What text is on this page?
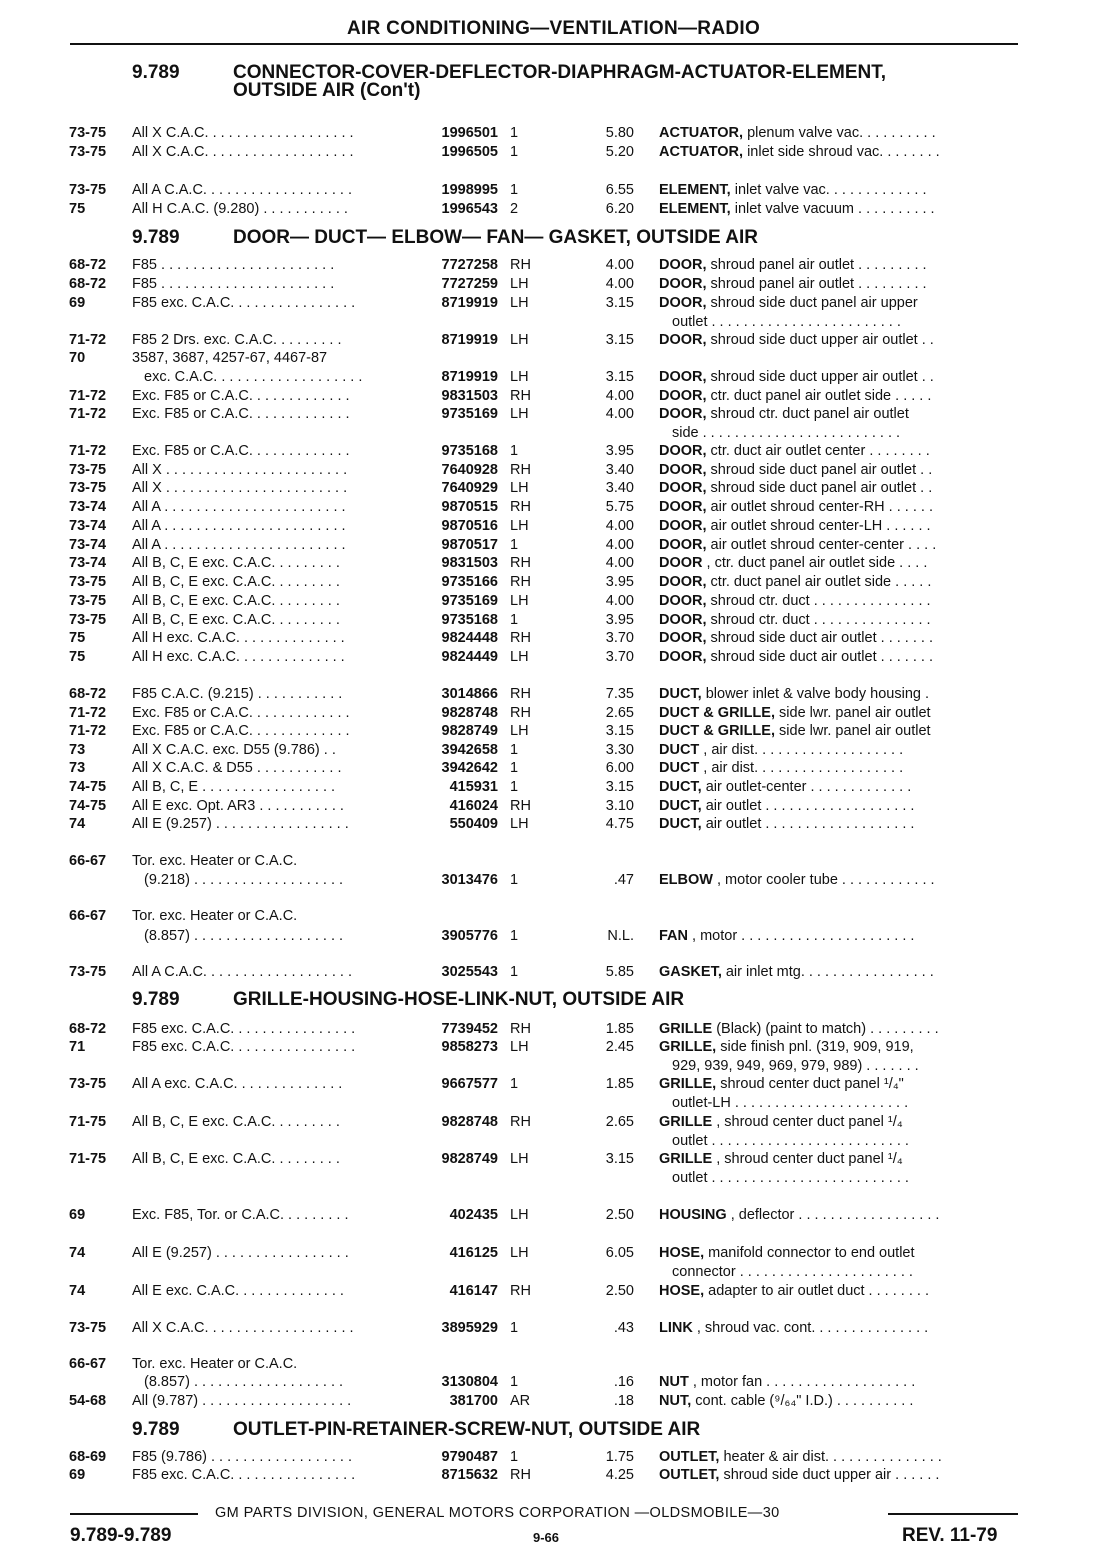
AIR CONDITIONING—VENTILATION—RADIO
9.789	CONNECTOR-COVER-DEFLECTOR-DIAPHRAGM-ACTUATOR-ELEMENT,
OUTSIDE AIR (Con't)
9.789	DOOR— DUCT— ELBOW— FAN— GASKET, OUTSIDE AIR
9.789	GRILLE-HOUSING-HOSE-LINK-NUT, OUTSIDE AIR
9.789	OUTLET-PIN-RETAINER-SCREW-NUT, OUTSIDE AIR
73-75 All X C.A.C. . . . . . . . . . . . . . . . . . .	1996501 1	5.80 ACTUATOR, plenum valve vac. . . . . . . . . .
73-75 All X C.A.C. . . . . . . . . . . . . . . . . . .	1996505 1	5.20 ACTUATOR, inlet side shroud vac. . . . . . . .
73-75 All A C.A.C. . . . . . . . . . . . . . . . . . .	1998995 1	6.55 ELEMENT, inlet valve vac. . . . . . . . . . . . .
75	All H C.A.C. (9.280) . . . . . . . . . . .	1996543 2	6.20 ELEMENT, inlet valve vacuum . . . . . . . . . .
68-72 F85 . . . . . . . . . . . . . . . . . . . . . .	7727258 RH	4.00 DOOR, shroud panel air outlet . . . . . . . . .
68-72 F85 . . . . . . . . . . . . . . . . . . . . . .	7727259 LH	4.00 DOOR, shroud panel air outlet . . . . . . . . .
69	F85 exc. C.A.C. . . . . . . . . . . . . . . .	8719919 LH	3.15 DOOR, shroud side duct panel air upper
outlet . . . . . . . . . . . . . . . . . . . . . . . .
71-72 F85 2 Drs. exc. C.A.C. . . . . . . . .	8719919 LH	3.15 DOOR, shroud side duct upper air outlet . .
70	3587, 3687, 4257-67, 4467-87
exc. C.A.C. . . . . . . . . . . . . . . . . . .	8719919 LH	3.15 DOOR, shroud side duct upper air outlet . .
71-72 Exc. F85 or C.A.C. . . . . . . . . . . . .	9831503 RH	4.00 DOOR, ctr. duct panel air outlet side . . . . .
71-72 Exc. F85 or C.A.C. . . . . . . . . . . . .	9735169 LH	4.00 DOOR, shroud ctr. duct panel air outlet
side . . . . . . . . . . . . . . . . . . . . . . . . .
71-72 Exc. F85 or C.A.C. . . . . . . . . . . . .	9735168 1	3.95 DOOR, ctr. duct air outlet center . . . . . . . .
73-75 All X . . . . . . . . . . . . . . . . . . . . . . .	7640928 RH	3.40 DOOR, shroud side duct panel air outlet . .
73-75 All X . . . . . . . . . . . . . . . . . . . . . . .	7640929 LH	3.40 DOOR, shroud side duct panel air outlet . .
73-74 All A . . . . . . . . . . . . . . . . . . . . . . .	9870515 RH	5.75 DOOR, air outlet shroud center-RH . . . . . .
73-74 All A . . . . . . . . . . . . . . . . . . . . . . .	9870516 LH	4.00 DOOR, air outlet shroud center-LH . . . . . .
73-74 All A . . . . . . . . . . . . . . . . . . . . . . .	9870517 1	4.00 DOOR, air outlet shroud center-center . . . .
73-74 All B, C, E exc. C.A.C. . . . . . . . .	9831503 RH	4.00 DOOR , ctr. duct panel air outlet side . . . .
73-75 All B, C, E exc. C.A.C. . . . . . . . .	9735166 RH	3.95 DOOR, ctr. duct panel air outlet side . . . . .
73-75 All B, C, E exc. C.A.C. . . . . . . . .	9735169 LH	4.00 DOOR, shroud ctr. duct . . . . . . . . . . . . . . .
73-75 All B, C, E exc. C.A.C. . . . . . . . .	9735168 1	3.95 DOOR, shroud ctr. duct . . . . . . . . . . . . . . .
75	All H exc. C.A.C. . . . . . . . . . . . . .	9824448 RH	3.70 DOOR, shroud side duct air outlet . . . . . . .
75	All H exc. C.A.C. . . . . . . . . . . . . .	9824449 LH	3.70 DOOR, shroud side duct air outlet . . . . . . .
68-72 F85 C.A.C. (9.215) . . . . . . . . . . .	3014866 RH	7.35 DUCT, blower inlet & valve body housing .
71-72 Exc. F85 or C.A.C. . . . . . . . . . . . .	9828748 RH	2.65 DUCT & GRILLE, side lwr. panel air outlet
71-72 Exc. F85 or C.A.C. . . . . . . . . . . . .	9828749 LH	3.15 DUCT & GRILLE, side lwr. panel air outlet
73	All X C.A.C. exc. D55 (9.786) . .	3942658 1	3.30 DUCT , air dist. . . . . . . . . . . . . . . . . . .
73	All X C.A.C. & D55 . . . . . . . . . . .	3942642 1	6.00 DUCT , air dist. . . . . . . . . . . . . . . . . . .
74-75 All B, C, E . . . . . . . . . . . . . . . . .	415931 1	3.15 DUCT, air outlet-center . . . . . . . . . . . . .
74-75 All E exc. Opt. AR3 . . . . . . . . . . .	416024 RH	3.10 DUCT, air outlet . . . . . . . . . . . . . . . . . . .
74	All E (9.257) . . . . . . . . . . . . . . . . .	550409 LH	4.75 DUCT, air outlet . . . . . . . . . . . . . . . . . . .
66-67 Tor. exc. Heater or C.A.C.
(9.218) . . . . . . . . . . . . . . . . . . .	3013476 1	.47 ELBOW , motor cooler tube . . . . . . . . . . . .
66-67 Tor. exc. Heater or C.A.C.
(8.857) . . . . . . . . . . . . . . . . . . .	3905776 1	N.L. FAN , motor . . . . . . . . . . . . . . . . . . . . . .
73-75 All A C.A.C. . . . . . . . . . . . . . . . . . .	3025543 1	5.85 GASKET, air inlet mtg. . . . . . . . . . . . . . . . .
68-72 F85 exc. C.A.C. . . . . . . . . . . . . . . .	7739452 RH	1.85 GRILLE (Black) (paint to match) . . . . . . . . .
71	F85 exc. C.A.C. . . . . . . . . . . . . . . .	9858273 LH	2.45 GRILLE, side finish pnl. (319, 909, 919,
929, 939, 949, 969, 979, 989) . . . . . . .
73-75 All A exc. C.A.C. . . . . . . . . . . . . .	9667577 1	1.85 GRILLE, shroud center duct panel ¹/₄"
outlet-LH . . . . . . . . . . . . . . . . . . . . . .
71-75 All B, C, E exc. C.A.C. . . . . . . . .	9828748 RH	2.65 GRILLE , shroud center duct panel ¹/₄
outlet . . . . . . . . . . . . . . . . . . . . . . . . .
71-75 All B, C, E exc. C.A.C. . . . . . . . .	9828749 LH	3.15 GRILLE , shroud center duct panel ¹/₄
outlet . . . . . . . . . . . . . . . . . . . . . . . . .
69	Exc. F85, Tor. or C.A.C. . . . . . . . .	402435 LH	2.50 HOUSING , deflector . . . . . . . . . . . . . . . . . .
74	All E (9.257) . . . . . . . . . . . . . . . . .	416125 LH	6.05 HOSE, manifold connector to end outlet
connector . . . . . . . . . . . . . . . . . . . . . .
74	All E exc. C.A.C. . . . . . . . . . . . . .	416147 RH	2.50 HOSE, adapter to air outlet duct . . . . . . . .
73-75 All X C.A.C. . . . . . . . . . . . . . . . . . .	3895929 1	.43 LINK , shroud vac. cont. . . . . . . . . . . . . . .
66-67 Tor. exc. Heater or C.A.C.
(8.857) . . . . . . . . . . . . . . . . . . .	3130804 1	.16 NUT , motor fan . . . . . . . . . . . . . . . . . . .
54-68 All (9.787) . . . . . . . . . . . . . . . . . . .	381700 AR	.18 NUT, cont. cable (⁹/₆₄" I.D.) . . . . . . . . . .
68-69 F85 (9.786) . . . . . . . . . . . . . . . . . .	9790487 1	1.75 OUTLET, heater & air dist. . . . . . . . . . . . . . .
69	F85 exc. C.A.C. . . . . . . . . . . . . . . .	8715632 RH	4.25 OUTLET, shroud side duct upper air . . . . . .
GM PARTS DIVISION, GENERAL MOTORS CORPORATION —OLDSMOBILE—30
9.789-9.789	9-66	REV. 11-79
